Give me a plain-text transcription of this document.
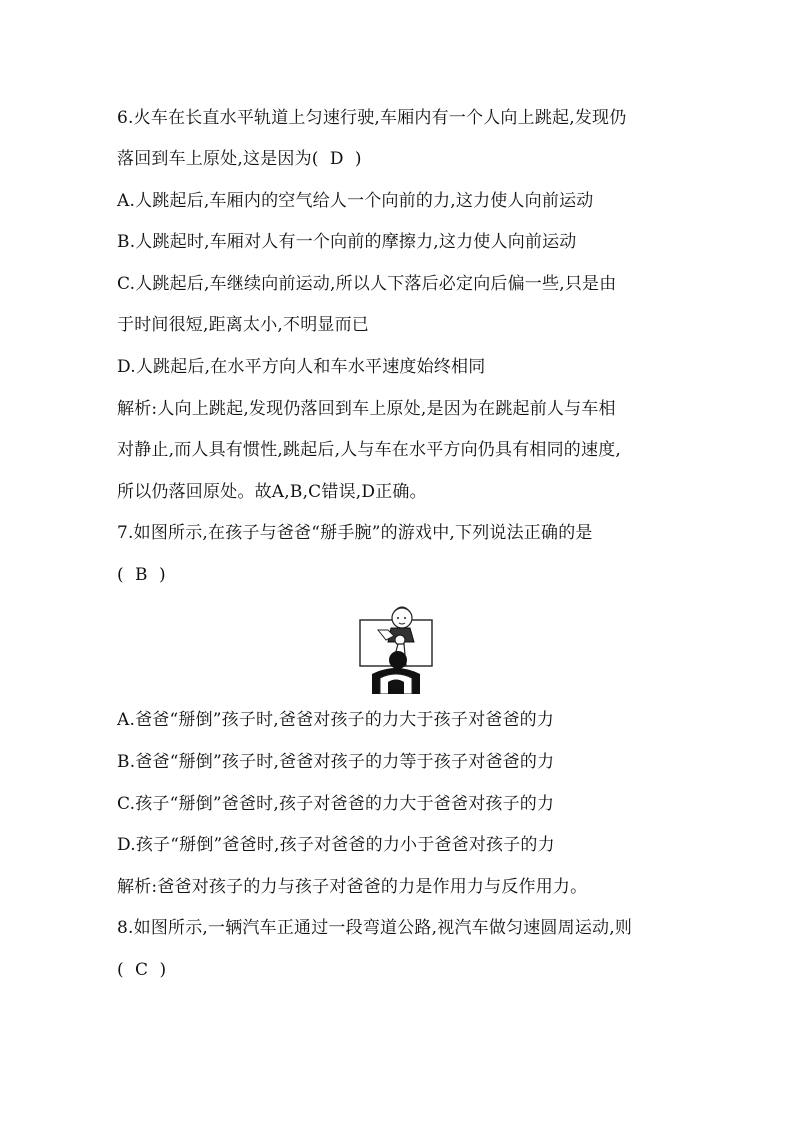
6.火车在长直水平轨道上匀速行驶,车厢内有一个人向上跳起,发现仍
落回到车上原处,这是因为(  D  )
A.人跳起后,车厢内的空气给人一个向前的力,这力使人向前运动
B.人跳起时,车厢对人有一个向前的摩擦力,这力使人向前运动
C.人跳起后,车继续向前运动,所以人下落后必定向后偏一些,只是由
于时间很短,距离太小,不明显而已
D.人跳起后,在水平方向人和车水平速度始终相同
解析:人向上跳起,发现仍落回到车上原处,是因为在跳起前人与车相
对静止,而人具有惯性,跳起后,人与车在水平方向仍具有相同的速度,
所以仍落回原处。故A,B,C错误,D正确。
7.如图所示,在孩子与爸爸“掰手腕”的游戏中,下列说法正确的是
(  B  )
A.爸爸“掰倒”孩子时,爸爸对孩子的力大于孩子对爸爸的力
B.爸爸“掰倒”孩子时,爸爸对孩子的力等于孩子对爸爸的力
C.孩子“掰倒”爸爸时,孩子对爸爸的力大于爸爸对孩子的力
D.孩子“掰倒”爸爸时,孩子对爸爸的力小于爸爸对孩子的力
解析:爸爸对孩子的力与孩子对爸爸的力是作用力与反作用力。
8.如图所示,一辆汽车正通过一段弯道公路,视汽车做匀速圆周运动,则
(  C  )
